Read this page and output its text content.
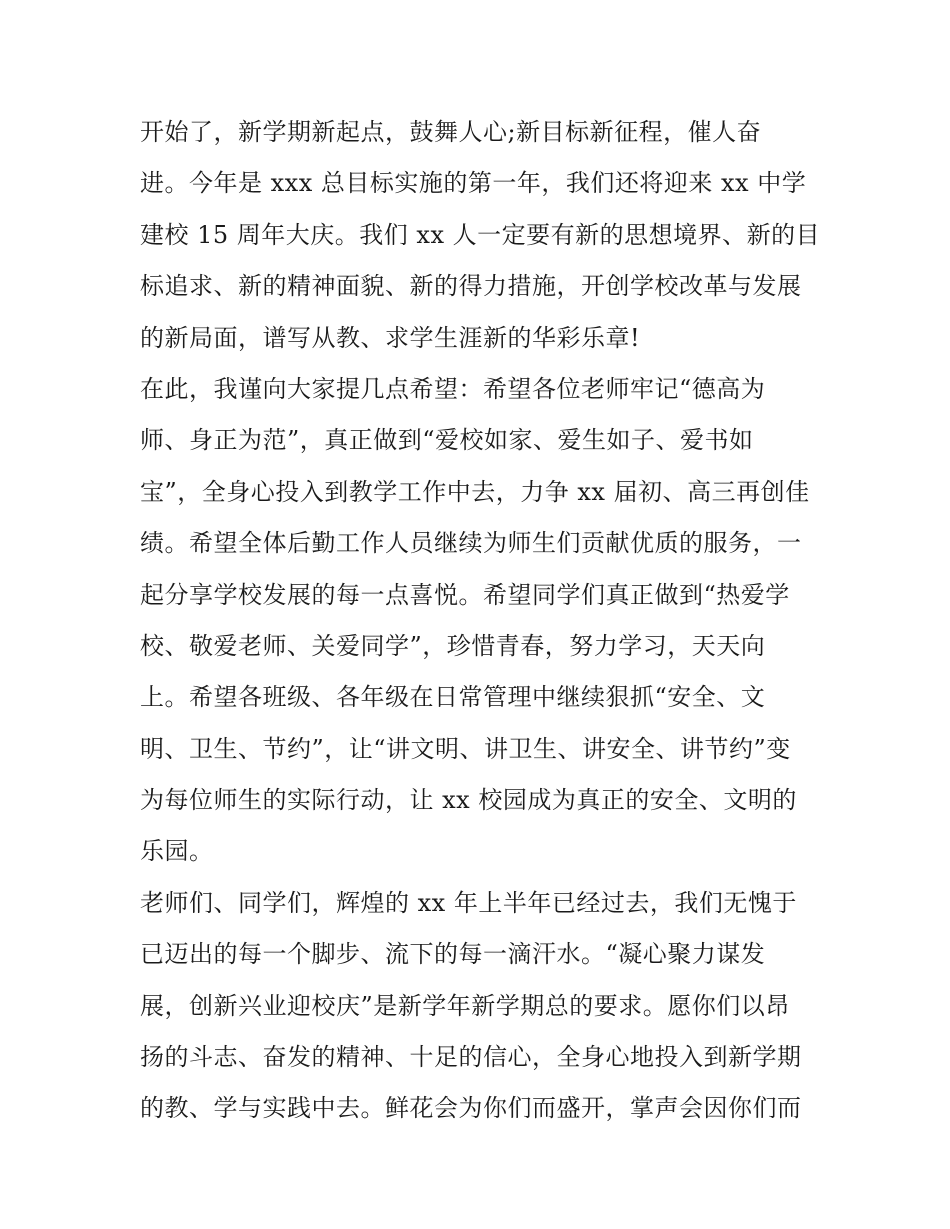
开始了，新学期新起点，鼓舞人心;新目标新征程，催人奋
进。今年是 xxx 总目标实施的第一年，我们还将迎来 xx 中学
建校 15 周年大庆。我们 xx 人一定要有新的思想境界、新的目
标追求、新的精神面貌、新的得力措施，开创学校改革与发展
的新局面，谱写从教、求学生涯新的华彩乐章!
在此，我谨向大家提几点希望：希望各位老师牢记“德高为
师、身正为范”，真正做到“爱校如家、爱生如子、爱书如
宝”，全身心投入到教学工作中去，力争 xx 届初、高三再创佳
绩。希望全体后勤工作人员继续为师生们贡献优质的服务，一
起分享学校发展的每一点喜悦。希望同学们真正做到“热爱学
校、敬爱老师、关爱同学”，珍惜青春，努力学习，天天向
上。希望各班级、各年级在日常管理中继续狠抓“安全、文
明、卫生、节约”，让“讲文明、讲卫生、讲安全、讲节约”变
为每位师生的实际行动，让 xx 校园成为真正的安全、文明的
乐园。
老师们、同学们，辉煌的 xx 年上半年已经过去，我们无愧于
已迈出的每一个脚步、流下的每一滴汗水。“凝心聚力谋发
展，创新兴业迎校庆”是新学年新学期总的要求。愿你们以昂
扬的斗志、奋发的精神、十足的信心，全身心地投入到新学期
的教、学与实践中去。鲜花会为你们而盛开，掌声会因你们而
